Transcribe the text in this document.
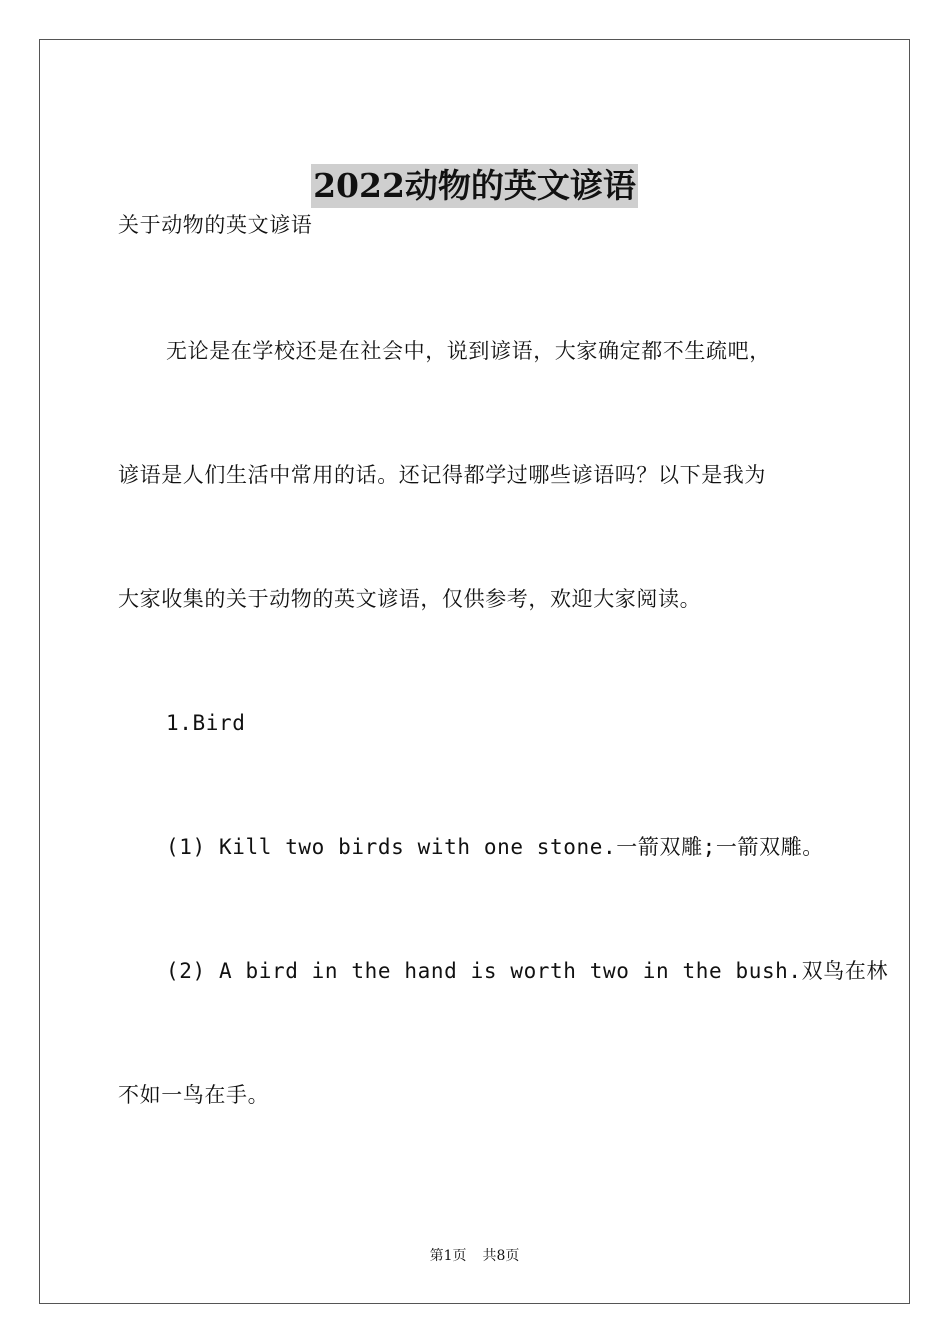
2022动物的英文谚语
关于动物的英文谚语
无论是在学校还是在社会中，说到谚语，大家确定都不生疏吧，
谚语是人们生活中常用的话。还记得都学过哪些谚语吗？以下是我为
大家收集的关于动物的英文谚语，仅供参考，欢迎大家阅读。
1.Bird
(1) Kill two birds with one stone.一箭双雕;一箭双雕。
(2) A bird in the hand is worth two in the bush.双鸟在林
不如一鸟在手。
第1页 共8页
